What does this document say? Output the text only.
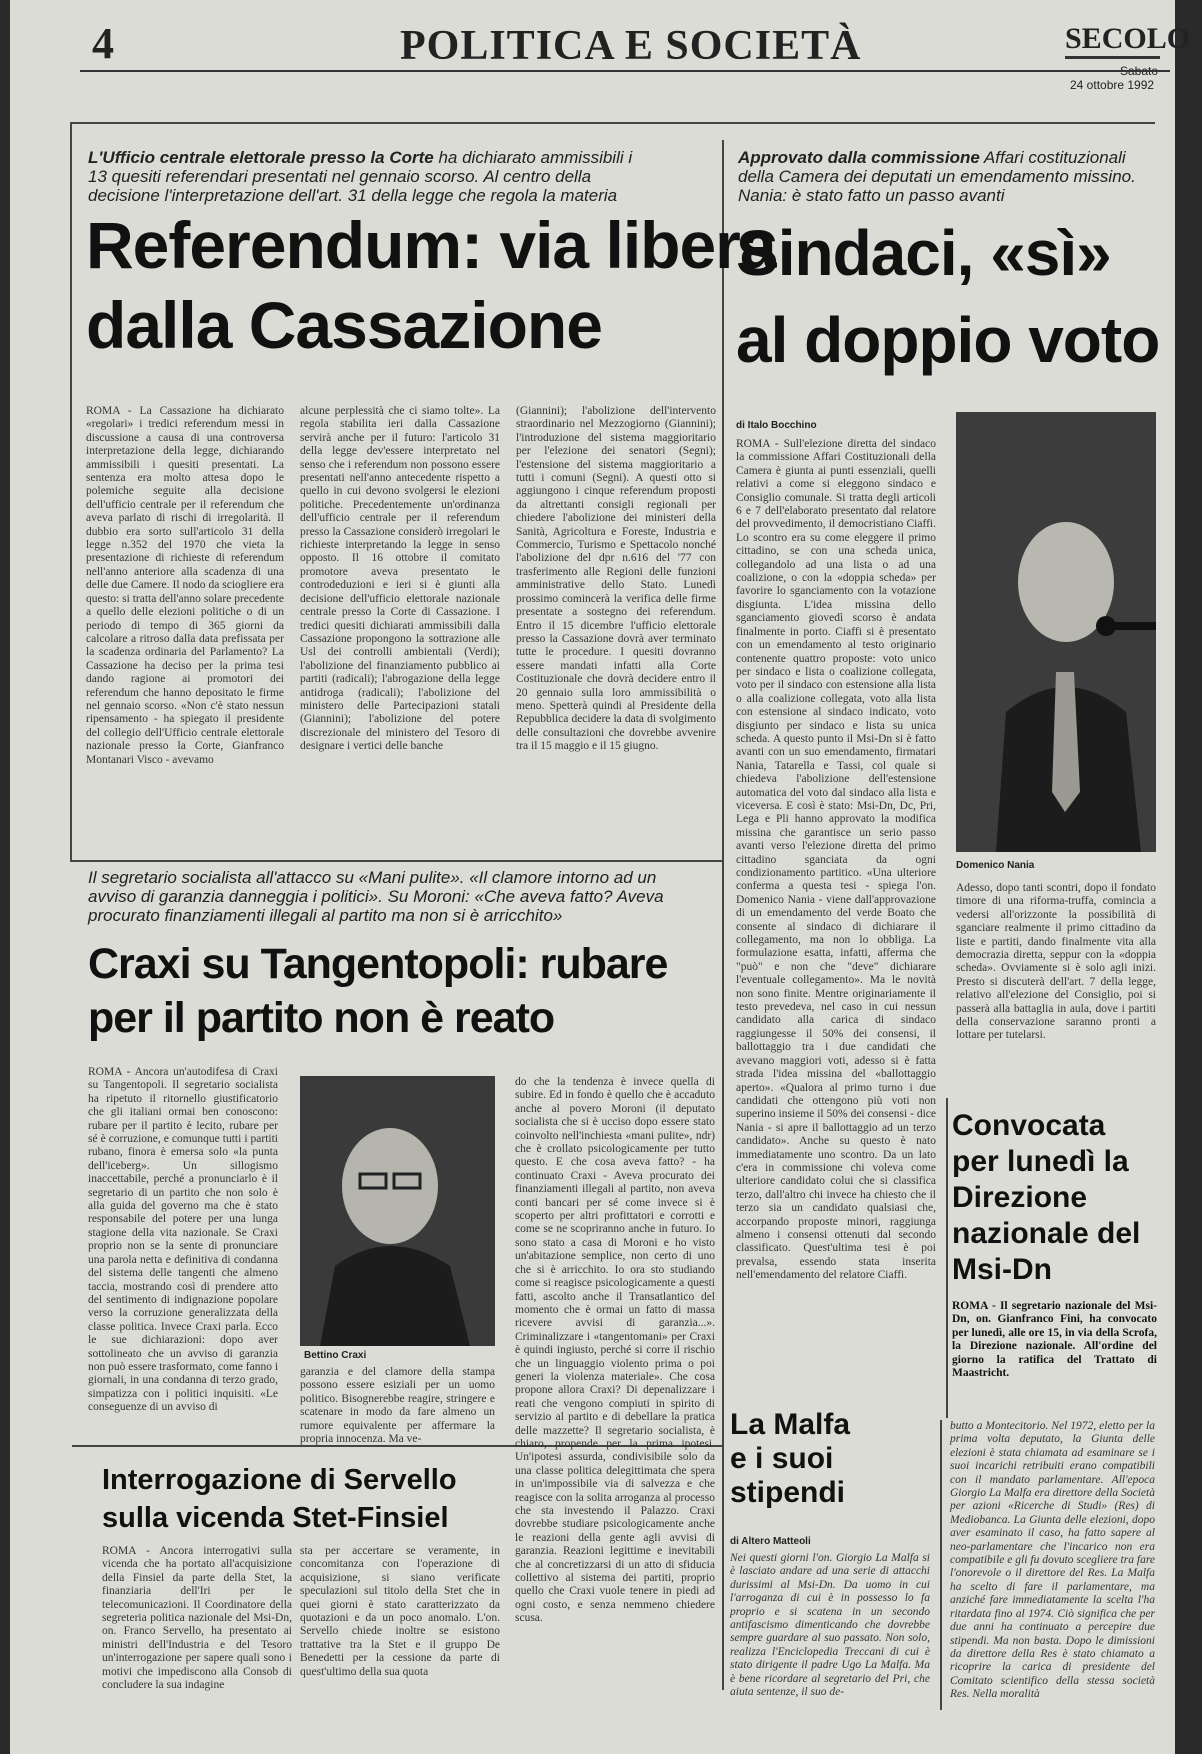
4	POLITICA E SOCIETÀ	SECOLO
24 ottobre 1992
L'Ufficio centrale elettorale presso la Corte ha dichiarato ammissibili i 13 quesiti referendari presentati nel gennaio scorso. Al centro della decisione l'interpretazione dell'art. 31 della legge che regola la materia
Referendum: via libera
dalla Cassazione
ROMA - La Cassazione ha dichiarato «regolari» i tredici referendum messi in discussione a causa di una controversa interpretazione della legge, dichiarando ammissibili i quesiti presentati. La sentenza era molto attesa dopo le polemiche seguite alla decisione dell'ufficio centrale per il referendum che aveva parlato di rischi di irregolarità. Il dubbio era sorto sull'articolo 31 della legge n.352 del 1970 che vieta la presentazione di richieste di referendum nell'anno anteriore alla scadenza di una delle due Camere. Il nodo da sciogliere era questo: si tratta dell'anno solare precedente a quello delle elezioni politiche o di un periodo di tempo di 365 giorni da calcolare a ritroso dalla data prefissata per la scadenza ordinaria del Parlamento? La Cassazione ha deciso per la prima tesi dando ragione ai promotori dei referendum che hanno depositato le firme nel gennaio scorso. «Non c'è stato nessun ripensamento - ha spiegato il presidente del collegio dell'Ufficio centrale elettorale nazionale presso la Corte, Gianfranco Montanari Visco - avevamo
alcune perplessità che ci siamo tolte». La regola stabilita ieri dalla Cassazione servirà anche per il futuro: l'articolo 31 della legge dev'essere interpretato nel senso che i referendum non possono essere presentati nell'anno antecedente rispetto a quello in cui devono svolgersi le elezioni politiche. Precedentemente un'ordinanza dell'ufficio centrale per il referendum presso la Cassazione considerò irregolari le richieste interpretando la legge in senso opposto. Il 16 ottobre il comitato promotore aveva presentato le controdeduzioni e ieri si è giunti alla decisione dell'ufficio elettorale nazionale centrale presso la Corte di Cassazione. I tredici quesiti dichiarati ammissibili dalla Cassazione propongono la sottrazione alle Usl dei controlli ambientali (Verdi); l'abolizione del finanziamento pubblico ai partiti (radicali); l'abrogazione della legge antidroga (radicali); l'abolizione del ministero delle Partecipazioni statali (Giannini); l'abolizione del potere discrezionale del ministero del Tesoro di designare i vertici delle banche
(Giannini); l'abolizione dell'intervento straordinario nel Mezzogiorno (Giannini); l'introduzione del sistema maggioritario per l'elezione dei senatori (Segni); l'estensione del sistema maggioritario a tutti i comuni (Segni). A questi otto si aggiungono i cinque referendum proposti da altrettanti consigli regionali per chiedere l'abolizione dei ministeri della Sanità, Agricoltura e Foreste, Industria e Commercio, Turismo e Spettacolo nonché l'abolizione del dpr n.616 del '77 con trasferimento alle Regioni delle funzioni amministrative dello Stato. Lunedì prossimo comincerà la verifica delle firme presentate a sostegno dei referendum. Entro il 15 dicembre l'ufficio elettorale presso la Cassazione dovrà aver terminato tutte le procedure. I quesiti dovranno essere mandati infatti alla Corte Costituzionale che dovrà decidere entro il 20 gennaio sulla loro ammissibilità o meno. Spetterà quindi al Presidente della Repubblica decidere la data di svolgimento delle consultazioni che dovrebbe avvenire tra il 15 maggio e il 15 giugno.
Approvato dalla commissione Affari costituzionali della Camera dei deputati un emendamento missino. Nania: è stato fatto un passo avanti
Sindaci, «sì»
al doppio voto
di Italo Bocchino
ROMA - Sull'elezione diretta del sindaco la commissione Affari Costituzionali della Camera è giunta ai punti essenziali, quelli relativi a come si eleggono sindaco e Consiglio comunale. Si tratta degli articoli 6 e 7 dell'elaborato presentato dal relatore del provvedimento, il democristiano Ciaffi. Lo scontro era su come eleggere il primo cittadino, se con una scheda unica, collegandolo ad una lista o ad una coalizione, o con la «doppia scheda» per favorire lo sganciamento con la votazione disgiunta. L'idea missina dello sganciamento giovedì scorso è andata finalmente in porto. Ciaffi si è presentato con un emendamento al testo originario contenente quattro proposte: voto unico per sindaco e lista o coalizione collegata, voto per il sindaco con estensione alla lista o alla coalizione collegata, voto alla lista con estensione al sindaco indicato, voto disgiunto per sindaco e lista su unica scheda. A questo punto il Msi-Dn si è fatto avanti con un suo emendamento, firmatari Nania, Tatarella e Tassi, col quale si chiedeva l'abolizione dell'estensione automatica del voto dal sindaco alla lista e viceversa. E così è stato: Msi-Dn, Dc, Pri, Lega e Pli hanno approvato la modifica missina che garantisce un serio passo avanti verso l'elezione diretta del primo cittadino sganciata da ogni condizionamento partitico. «Una ulteriore conferma a questa tesi - spiega l'on. Domenico Nania - viene dall'approvazione di un emendamento del verde Boato che consente al sindaco di dichiarare il collegamento, ma non lo obbliga. La formulazione esatta, infatti, afferma che "può" e non che "deve" dichiarare l'eventuale collegamento». Ma le novità non sono finite. Mentre originariamente il testo prevedeva, nel caso in cui nessun candidato alla carica di sindaco raggiungesse il 50% dei consensi, il ballottaggio tra i due candidati che avevano maggiori voti, adesso si è fatta strada l'idea missina del «ballottaggio aperto». «Qualora al primo turno i due candidati che ottengono più voti non superino insieme il 50% dei consensi - dice Nania - si apre il ballottaggio ad un terzo candidato». Anche su questo è nato immediatamente uno scontro. Da un lato c'era in commissione chi voleva come ulteriore candidato colui che si classifica terzo, dall'altro chi invece ha chiesto che il terzo sia un candidato qualsiasi che, accorpando proposte minori, raggiunga almeno i consensi ottenuti dal secondo classificato. Quest'ultima tesi è poi prevalsa, essendo stata inserita nell'emendamento del relatore Ciaffi.
Domenico Nania
Adesso, dopo tanti scontri, dopo il fondato timore di una riforma-truffa, comincia a vedersi all'orizzonte la possibilità di sganciare realmente il primo cittadino da liste e partiti, dando finalmente vita alla democrazia diretta, seppur con la «doppia scheda». Ovviamente si è solo agli inizi. Presto si discuterà dell'art. 7 della legge, relativo all'elezione del Consiglio, poi si passerà alla battaglia in aula, dove i partiti della conservazione saranno pronti a lottare per tutelarsi.
Convocata per lunedì la Direzione nazionale del Msi-Dn
ROMA - Il segretario nazionale del Msi-Dn, on. Gianfranco Fini, ha convocato per lunedì, alle ore 15, in via della Scrofa, la Direzione nazionale. All'ordine del giorno la ratifica del Trattato di Maastricht.
Il segretario socialista all'attacco su «Mani pulite». «Il clamore intorno ad un avviso di garanzia danneggia i politici». Su Moroni: «Che aveva fatto? Aveva procurato finanziamenti illegali al partito ma non si è arricchito»
Craxi su Tangentopoli: rubare
per il partito non è reato
ROMA - Ancora un'autodifesa di Craxi su Tangentopoli. Il segretario socialista ha ripetuto il ritornello giustificatorio che gli italiani ormai ben conoscono: rubare per il partito è lecito, rubare per sé è corruzione, e comunque tutti i partiti rubano, finora è emersa solo «la punta dell'iceberg». Un sillogismo inaccettabile, perché a pronunciarlo è il segretario di un partito che non solo è alla guida del governo ma che è stato responsabile del potere per una lunga stagione della vita nazionale. Se Craxi proprio non se la sente di pronunciare una parola netta e definitiva di condanna del sistema delle tangenti che almeno taccia, mostrando così di prendere atto del sentimento di indignazione popolare verso la corruzione generalizzata della classe politica. Invece Craxi parla. Ecco le sue dichiarazioni: dopo aver sottolineato che un avviso di garanzia non può essere trasformato, come fanno i giornali, in una condanna di terzo grado, simpatizza con i politici inquisiti. «Le conseguenze di un avviso di
Bettino Craxi
garanzia e del clamore della stampa possono essere esiziali per un uomo politico. Bisognerebbe reagire, stringere e scatenare in modo da fare almeno un rumore equivalente per affermare la propria innocenza. Ma ve-
do che la tendenza è invece quella di subire. Ed in fondo è quello che è accaduto anche al povero Moroni (il deputato socialista che si è ucciso dopo essere stato coinvolto nell'inchiesta «mani pulite», ndr) che è crollato psicologicamente per tutto questo. E che cosa aveva fatto? - ha continuato Craxi - Aveva procurato dei finanziamenti illegali al partito, non aveva conti bancari per sé come invece si è scoperto per altri profittatori e corrotti e come se ne scopriranno anche in futuro. Io sono stato a casa di Moroni e ho visto un'abitazione semplice, non certo di uno che si è arricchito. Io ora sto studiando come si reagisce psicologicamente a questi fatti, ascolto anche il Transatlantico del momento che è ormai un fatto di massa ricevere avvisi di garanzia...». Criminalizzare i «tangentomani» per Craxi è quindi ingiusto, perché si corre il rischio che un linguaggio violento prima o poi generi la violenza materiale». Che cosa propone allora Craxi? Di depenalizzare i reati che vengono compiuti in spirito di servizio al partito e di debellare la pratica delle mazzette? Il segretario socialista, è chiaro, propende per la prima ipotesi. Un'ipotesi assurda, condivisibile solo da una classe politica delegittimata che spera in un'impossibile via di salvezza e che reagisce con la solita arroganza al processo che sta investendo il Palazzo. Craxi dovrebbe studiare psicologicamente anche le reazioni della gente agli avvisi di garanzia. Reazioni legittime e inevitabili che al concretizzarsi di un atto di sfiducia collettivo al sistema dei partiti, proprio quello che Craxi vuole tenere in piedi ad ogni costo, e senza nemmeno chiedere scusa.
Interrogazione di Servello
sulla vicenda Stet-Finsiel
ROMA - Ancora interrogativi sulla vicenda che ha portato all'acquisizione della Finsiel da parte della Stet, la finanziaria dell'Iri per le telecomunicazioni. Il Coordinatore della segreteria politica nazionale del Msi-Dn, on. Franco Servello, ha presentato ai ministri dell'Industria e del Tesoro un'interrogazione per sapere quali sono i motivi che impediscono alla Consob di concludere la sua indagine
sta per accertare se veramente, in concomitanza con l'operazione di acquisizione, si siano verificate speculazioni sul titolo della Stet che in quei giorni è stato caratterizzato da quotazioni e da un poco anomalo. L'on. Servello chiede inoltre se esistono trattative tra la Stet e il gruppo De Benedetti per la cessione da parte di quest'ultimo della sua quota
La Malfa e i suoi stipendi
di Altero Matteoli
Nei questi giorni l'on. Giorgio La Malfa si è lasciato andare ad una serie di attacchi durissimi al Msi-Dn. Da uomo in cui l'arroganza di cui è in possesso lo fa proprio e si scatena in un secondo antifascismo dimenticando che dovrebbe sempre guardare al suo passato. Non solo, realizza l'Enciclopedia Treccani di cui è stato dirigente il padre Ugo La Malfa. Ma è bene ricordare al segretario del Pri, che aiuta sentenze, il suo de-
butto a Montecitorio. Nel 1972, eletto per la prima volta deputato, la Giunta delle elezioni è stata chiamata ad esaminare se i suoi incarichi retribuiti erano compatibili con il mandato parlamentare. All'epoca Giorgio La Malfa era direttore della Società per azioni «Ricerche di Studi» (Res) di Mediobanca. La Giunta delle elezioni, dopo aver esaminato il caso, ha fatto sapere al neo-parlamentare che l'incarico non era compatibile e gli fu dovuto scegliere tra fare l'onorevole o il direttore del Res. La Malfa ha scelto di fare il parlamentare, ma anziché fare immediatamente la scelta l'ha ritardata fino al 1974. Ciò significa che per due anni ha continuato a percepire due stipendi. Ma non basta. Dopo le dimissioni da direttore della Res è stato chiamato a ricoprire la carica di presidente del Comitato scientifico della stessa società Res. Nella moralità
